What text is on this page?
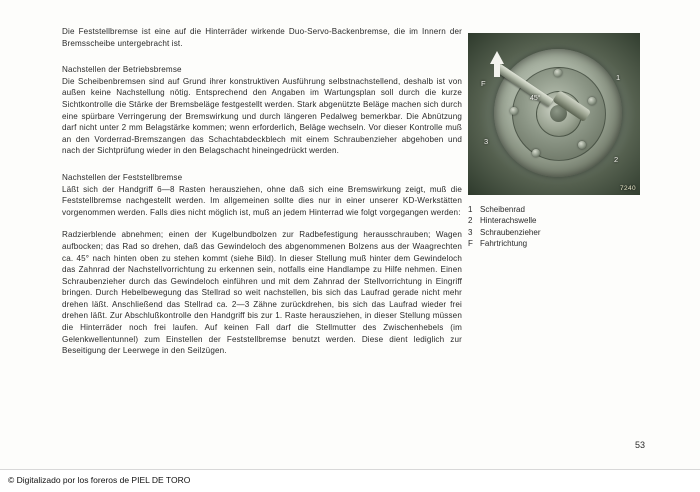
Die Feststellbremse ist eine auf die Hinterräder wirkende Duo-Servo-Backenbremse, die im Innern der Bremsscheibe untergebracht ist.

Nachstellen der Betriebsbremse

Die Scheibenbremsen sind auf Grund ihrer konstruktiven Ausführung selbstnachstellend, deshalb ist von außen keine Nachstellung nötig. Entsprechend den Angaben im Wartungsplan soll durch die kurze Sichtkontrolle die Stärke der Bremsbeläge festgestellt werden. Stark abgenützte Beläge machen sich durch eine spürbare Verringerung der Bremswirkung und durch längeren Pedalweg bemerkbar. Die Abnützung darf nicht unter 2 mm Belagstärke kommen; wenn erforderlich, Beläge wechseln. Vor dieser Kontrolle muß an den Vorderrad-Bremszangen das Schachtabdeckblech mit einem Schraubenzieher abgehoben und nach der Sichtprüfung wieder in den Belagschacht hineingedrückt werden.

Nachstellen der Feststellbremse

Läßt sich der Handgriff 6—8 Rasten herausziehen, ohne daß sich eine Bremswirkung zeigt, muß die Feststellbremse nachgestellt werden. Im allgemeinen sollte dies nur in einer unserer KD-Werkstätten vorgenommen werden. Falls dies nicht möglich ist, muß an jedem Hinterrad wie folgt vorgegangen werden:

Radzierblende abnehmen; einen der Kugelbundbolzen zur Radbefestigung herausschrauben; Wagen aufbocken; das Rad so drehen, daß das Gewindeloch des abgenommenen Bolzens aus der Waagrechten ca. 45° nach hinten oben zu stehen kommt (siehe Bild). In dieser Stellung muß hinter dem Gewindeloch das Zahnrad der Nachstellvorrichtung zu erkennen sein, notfalls eine Handlampe zu Hilfe nehmen. Einen Schraubenzieher durch das Gewindeloch einführen und mit dem Zahnrad der Stellvorrichtung in Eingriff bringen. Durch Hebelbewegung das Stellrad so weit nachstellen, bis sich das Laufrad gerade nicht mehr drehen läßt. Anschließend das Stellrad ca. 2—3 Zähne zurückdrehen, bis sich das Laufrad wieder frei drehen läßt. Zur Abschlußkontrolle den Handgriff bis zur 1. Raste herausziehen, in dieser Stellung müssen die Hinterräder noch frei laufen. Auf keinen Fall darf die Stellmutter des Zwischenhebels (im Gelenkwellentunnel) zum Einstellen der Feststellbremse benutzt werden. Diese dient lediglich zur Beseitigung der Leerwege in den Seilzügen.

F
1
2
3
45°
7240
1 Scheibenrad
2 Hinterachswelle
3 Schraubenzieher
F Fahrtrichtung
53
© Digitalizado por los foreros de PIEL DE TORO
